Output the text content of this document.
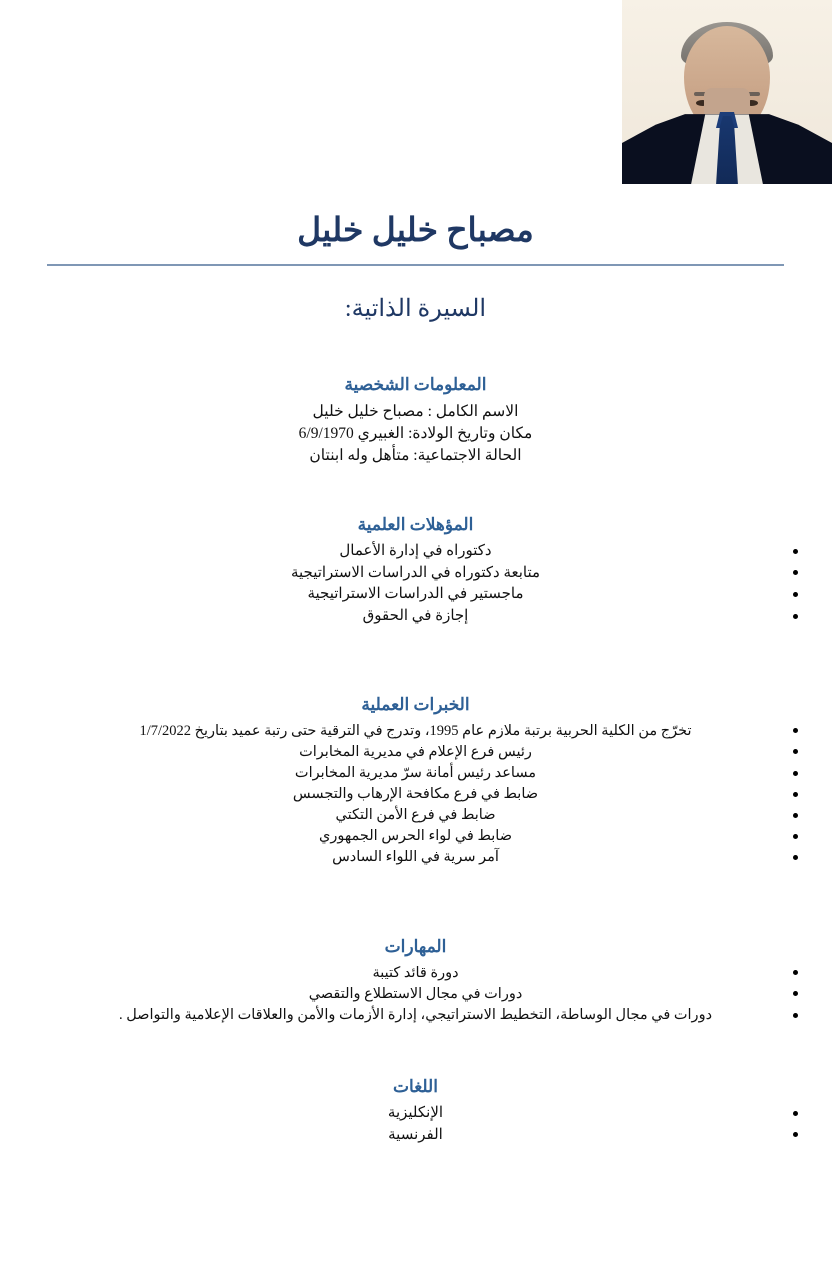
مصباح خليل خليل
السيرة الذاتية:
المعلومات الشخصية
الاسم الكامل : مصباح خليل خليل
مكان وتاريخ الولادة: الغبيري 6/9/1970
الحالة الاجتماعية: متأهل وله ابنتان
المؤهلات العلمية
دكتوراه في إدارة الأعمال
متابعة دكتوراه في الدراسات الاستراتيجية
ماجستير في الدراسات الاستراتيجية
إجازة في الحقوق
الخبرات العملية
تخرّج من الكلية الحربية برتبة ملازم عام 1995، وتدرج في الترقية حتى رتبة عميد بتاريخ 1/7/2022
رئيس فرع الإعلام في مديرية المخابرات
مساعد رئيس أمانة سرّ مديرية المخابرات
ضابط في فرع مكافحة الإرهاب والتجسس
ضابط في فرع الأمن التكتي
ضابط في لواء الحرس الجمهوري
آمر سرية في اللواء السادس
المهارات
دورة قائد كتيبة
دورات في مجال الاستطلاع والتقصي
دورات في مجال الوساطة، التخطيط الاستراتيجي، إدارة الأزمات والأمن والعلاقات الإعلامية والتواصل .
اللغات
الإنكليزية
الفرنسية
